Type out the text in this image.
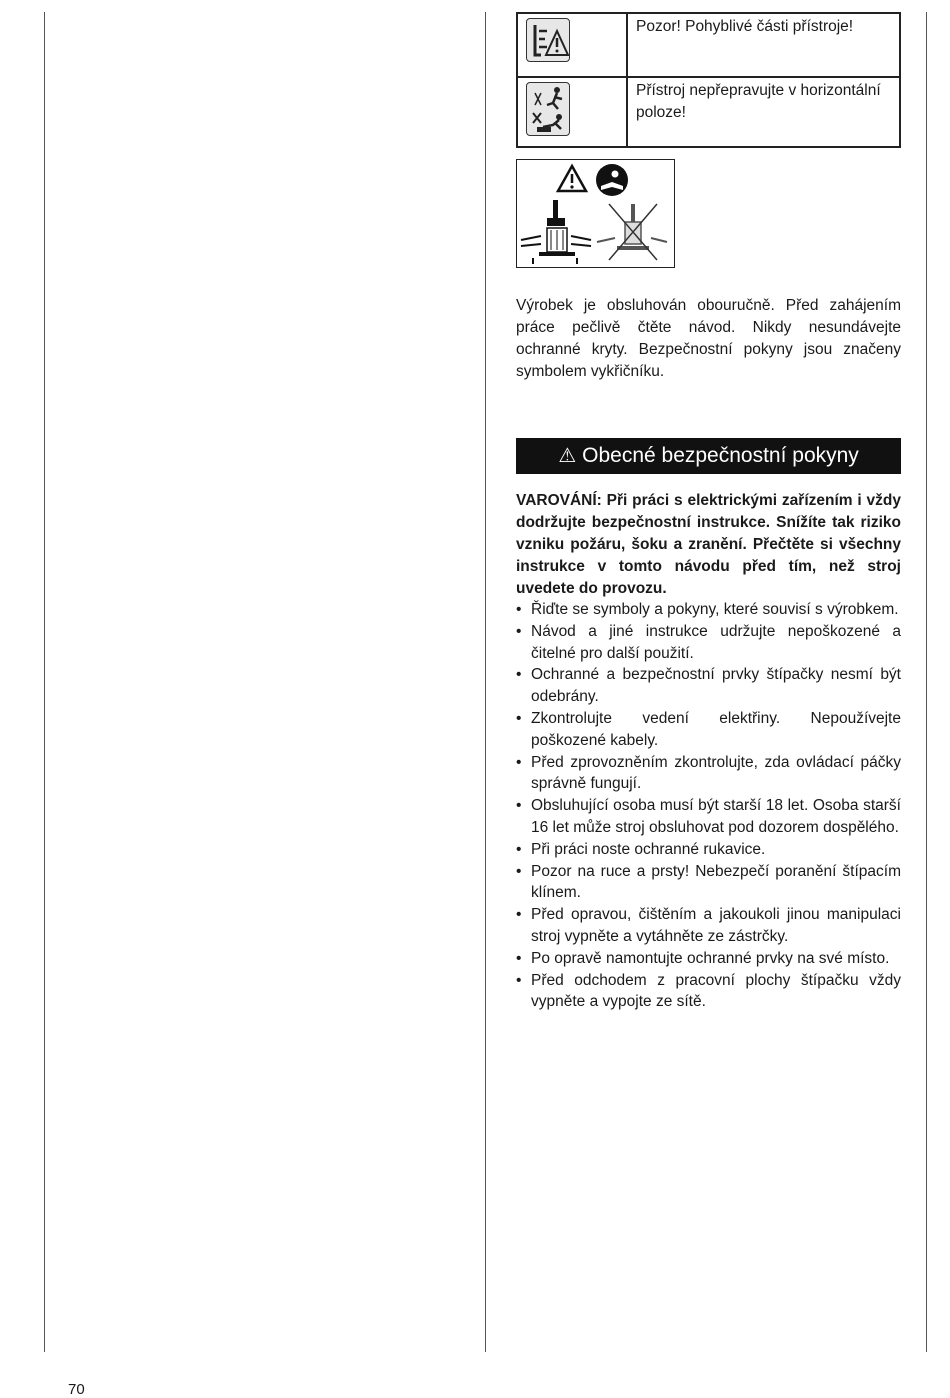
	Pozor! Pohyblivé části přístroje!

	Přístroj nepřepravujte v horizontální poloze!
Výrobek je obsluhován obouručně. Před zahájením práce pečlivě čtěte návod. Nikdy nesundávejte ochranné kryty. Bezpečnostní pokyny jsou značeny symbolem vykřičníku.
⚠ Obecné bezpečnostní pokyny
VAROVÁNÍ: Při práci s elektrickými zařízením i vždy dodržujte bezpečnostní instrukce. Snížíte tak riziko vzniku požáru, šoku a zranění. Přečtěte si všechny instrukce v tomto návodu před tím, než stroj uvedete do provozu.
• Řiďte se symboly a pokyny, které souvisí s výrobkem.
• Návod a jiné instrukce udržujte nepoškozené a čitelné pro další použití.
• Ochranné a bezpečnostní prvky štípačky nesmí být odebrány.
• Zkontrolujte vedení elektřiny. Nepoužívejte poškozené kabely.
• Před zprovozněním zkontrolujte, zda ovládací páčky správně fungují.
• Obsluhující osoba musí být starší 18 let. Osoba starší 16 let může stroj obsluhovat pod dozorem dospělého.
• Při práci noste ochranné rukavice.
• Pozor na ruce a prsty! Nebezpečí poranění štípacím klínem.
• Před opravou, čištěním a jakoukoli jinou manipulaci stroj vypněte a vytáhněte ze zástrčky.
• Po opravě namontujte ochranné prvky na své místo.
• Před odchodem z pracovní plochy štípačku vždy vypněte a vypojte ze sítě.
70
